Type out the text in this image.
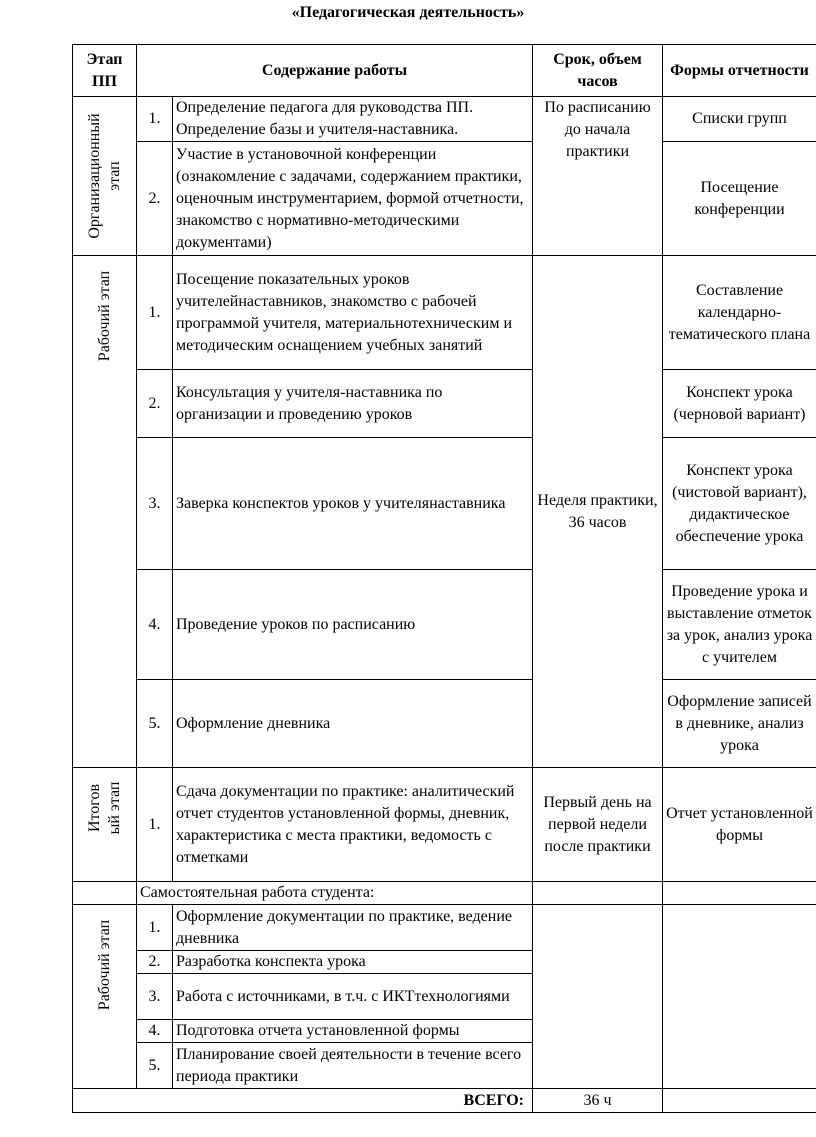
«Педагогическая деятельность»
Этап ПП	Содержание работы		Срок, объем часов	Формы отчетности

Организационный этап	1.	Определение педагога для руководства ПП. Определение базы и учителя-наставника.	По расписанию до начала практики	Списки групп
	2.	Участие в установочной конференции (ознакомление с задачами, содержанием практики, оценочным инструментарием, формой отчетности, знакомство с нормативно-методическими документами)		Посещение конференции

Рабочий этап	1.	Посещение показательных уроков учителейнаставников, знакомство с рабочей программой учителя, материальнотехническим и методическим оснащением учебных занятий	Неделя практики, 36 часов	Составление календарно-тематического плана
	2.	Консультация у учителя-наставника по организации и проведению уроков		Конспект урока (черновой вариант)
	3.	Заверка конспектов уроков у учителянаставника		Конспект урока (чистовой вариант), дидактическое обеспечение урока
	4.	Проведение уроков по расписанию		Проведение урока и выставление отметок за урок, анализ урока с учителем
	5.	Оформление дневника		Оформление записей в дневнике, анализ урока

Итогов ый этап	1.	Сдача документации по практике: аналитический отчет студентов установленной формы, дневник, характеристика с места практики, ведомость с отметками	Первый день на первой недели после практики	Отчет установленной формы
	Самостоятельная работа студента:			

Рабочий этап	1.	Оформление документации по практике, ведение дневника		
	2.	Разработка конспекта урока		
	3.	Работа с источниками, в т.ч. с ИКТтехнологиями		
	4.	Подготовка отчета установленной формы		
	5.	Планирование своей деятельности в течение всего периода практики		
ВСЕГО:			36 ч	
